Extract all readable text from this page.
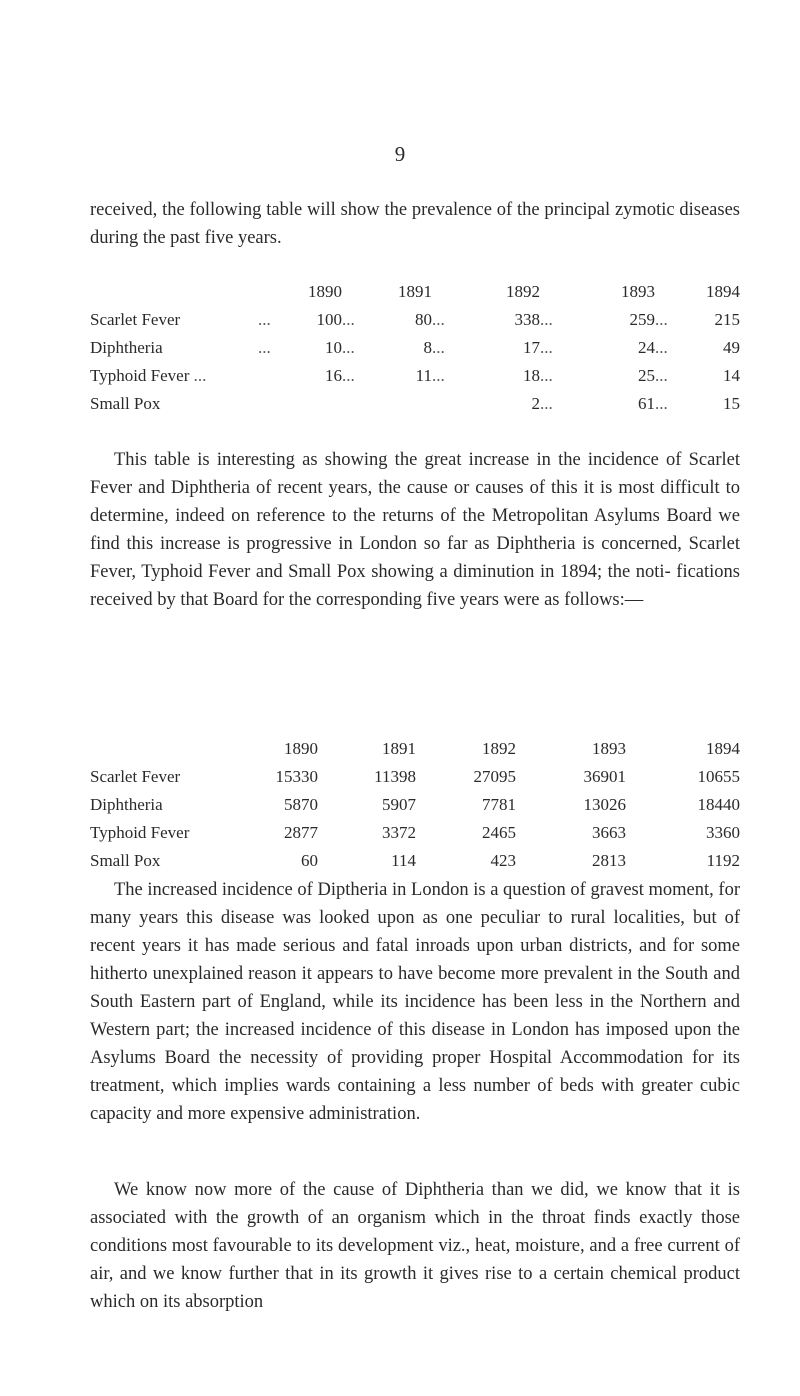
9

received, the following table will show the prevalence of the principal zymotic diseases during the past five years.

		1890		1891		1892		1893		1894
Scarlet Fever	...	100	...	80	...	338	...	259	...	215
Diphtheria	...	10	...	8	...	17	...	24	...	49
Typhoid Fever ...		16	...	11	...	18	...	25	...	14
Small Pox						2	...	61	...	15

This table is interesting as showing the great increase in the incidence of Scarlet Fever and Diphtheria of recent years, the cause or causes of this it is most difficult to determine, indeed on reference to the returns of the Metropolitan Asylums Board we find this increase is progressive in London so far as Diphtheria is concerned, Scarlet Fever, Typhoid Fever and Small Pox showing a diminution in 1894; the noti- fications received by that Board for the corresponding five years were as follows:—

	1890	1891	1892	1893	1894
Scarlet Fever	15330	11398	27095	36901	10655
Diphtheria	5870	5907	7781	13026	18440
Typhoid Fever	2877	3372	2465	3663	3360
Small Pox	60	114	423	2813	1192

The increased incidence of Diptheria in London is a question of gravest moment, for many years this disease was looked upon as one peculiar to rural localities, but of recent years it has made serious and fatal inroads upon urban districts, and for some hitherto unexplained reason it appears to have become more prevalent in the South and South Eastern part of England, while its incidence has been less in the Northern and Western part; the increased incidence of this disease in London has imposed upon the Asylums Board the necessity of providing proper Hospital Accommodation for its treatment, which implies wards containing a less number of beds with greater cubic capacity and more expensive administration.

We know now more of the cause of Diphtheria than we did, we know that it is associated with the growth of an organism which in the throat finds exactly those conditions most favourable to its development viz., heat, moisture, and a free current of air, and we know further that in its growth it gives rise to a certain chemical product which on its absorption
